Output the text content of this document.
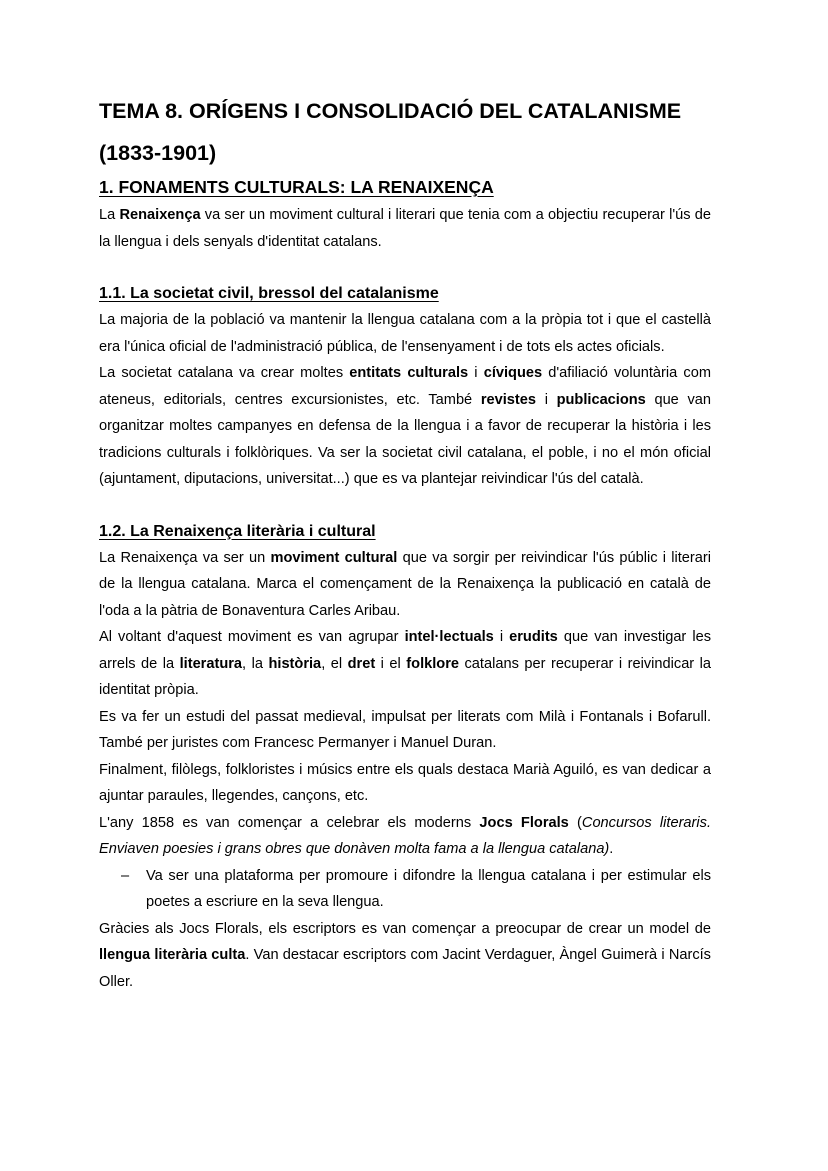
TEMA 8. ORÍGENS I CONSOLIDACIÓ DEL CATALANISME
(1833-1901)
1. FONAMENTS CULTURALS: LA RENAIXENÇA

La Renaixença va ser un moviment cultural i literari que tenia com a objectiu recuperar l'ús de la llengua i dels senyals d'identitat catalans.

1.1. La societat civil, bressol del catalanisme

La majoria de la població va mantenir la llengua catalana com a la pròpia tot i que el castellà era l'única oficial de l'administració pública, de l'ensenyament i de tots els actes oficials.

La societat catalana va crear moltes entitats culturals i cíviques d'afiliació voluntària com ateneus, editorials, centres excursionistes, etc. També revistes i publicacions que van organitzar moltes campanyes en defensa de la llengua i a favor de recuperar la història i les tradicions culturals i folklòriques. Va ser la societat civil catalana, el poble, i no el món oficial (ajuntament, diputacions, universitat...) que es va plantejar reivindicar l'ús del català.

1.2. La Renaixença literària i cultural

La Renaixença va ser un moviment cultural que va sorgir per reivindicar l'ús públic i literari de la llengua catalana. Marca el començament de la Renaixença la publicació en català de l'oda a la pàtria de Bonaventura Carles Aribau.

Al voltant d'aquest moviment es van agrupar intel·lectuals i erudits que van investigar les arrels de la literatura, la història, el dret i el folklore catalans per recuperar i reivindicar la identitat pròpia.

Es va fer un estudi del passat medieval, impulsat per literats com Milà i Fontanals i Bofarull. També per juristes com Francesc Permanyer i Manuel Duran.

Finalment, filòlegs, folkloristes i músics entre els quals destaca Marià Aguiló, es van dedicar a ajuntar paraules, llegendes, cançons, etc.

L'any 1858 es van començar a celebrar els moderns Jocs Florals (Concursos literaris. Enviaven poesies i grans obres que donàven molta fama a la llengua catalana).

–	Va ser una plataforma per promoure i difondre la llengua catalana i per estimular els poetes a escriure en la seva llengua.

Gràcies als Jocs Florals, els escriptors es van començar a preocupar de crear un model de llengua literària culta. Van destacar escriptors com Jacint Verdaguer, Àngel Guimerà i Narcís Oller.
